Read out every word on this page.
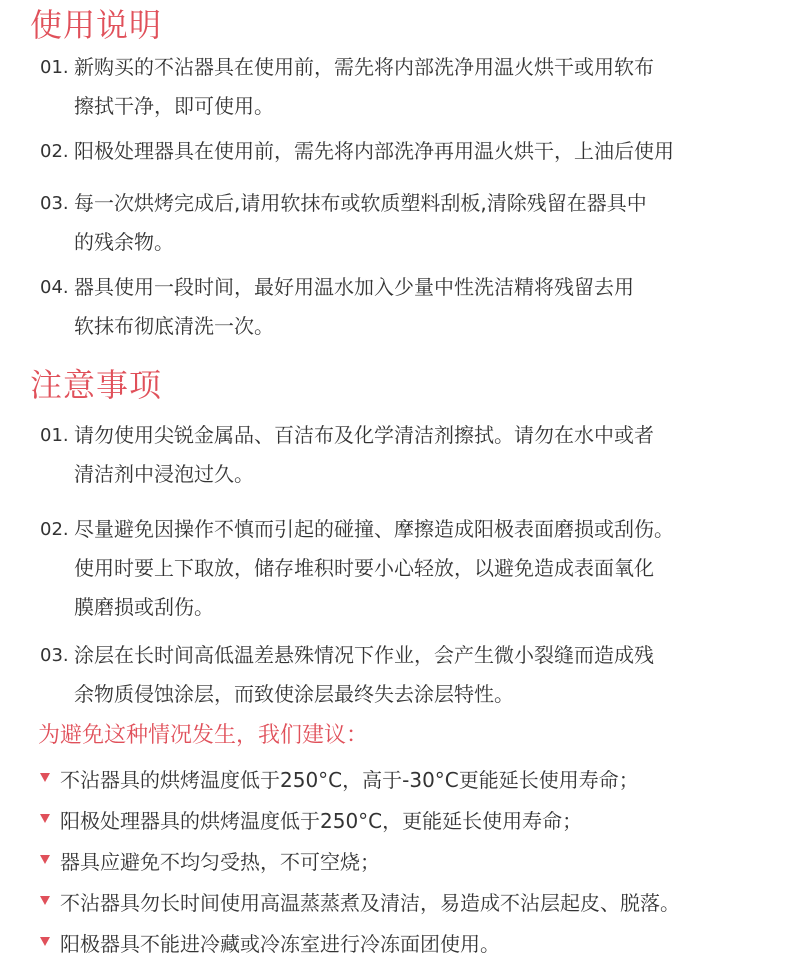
使用说明
01. 新购买的不沾器具在使用前，需先将内部洗净用温火烘干或用软布
擦拭干净，即可使用。
02. 阳极处理器具在使用前，需先将内部洗净再用温火烘干，上油后使用
03. 每一次烘烤完成后,请用软抹布或软质塑料刮板,清除残留在器具中
的残余物。
04. 器具使用一段时间，最好用温水加入少量中性洗洁精将残留去用
软抹布彻底清洗一次。
注意事项
01. 请勿使用尖锐金属品、百洁布及化学清洁剂擦拭。请勿在水中或者
清洁剂中浸泡过久。
02. 尽量避免因操作不慎而引起的碰撞、摩擦造成阳极表面磨损或刮伤。
使用时要上下取放，储存堆积时要小心轻放，以避免造成表面氧化
膜磨损或刮伤。
03. 涂层在长时间高低温差悬殊情况下作业，会产生微小裂缝而造成残
余物质侵蚀涂层，而致使涂层最终失去涂层特性。
为避免这种情况发生，我们建议：
不沾器具的烘烤温度低于250°C，高于-30°C更能延长使用寿命；
阳极处理器具的烘烤温度低于250°C，更能延长使用寿命；
器具应避免不均匀受热，不可空烧；
不沾器具勿长时间使用高温蒸蒸煮及清洁，易造成不沾层起皮、脱落。
阳极器具不能进冷藏或冷冻室进行冷冻面团使用。
